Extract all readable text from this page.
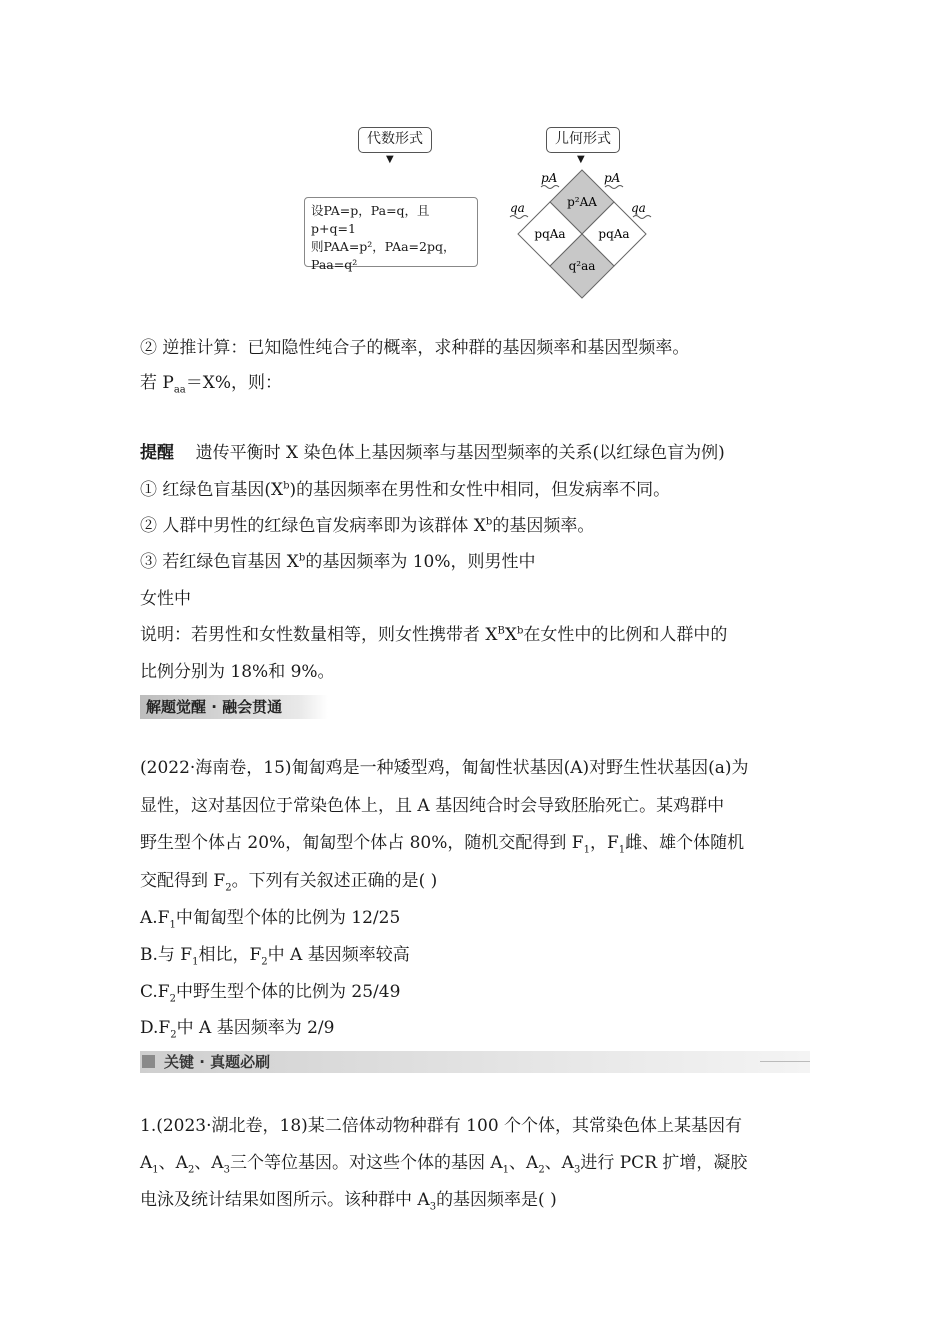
代数形式
▼
儿何形式
▼
设PA=p，Pa=q，且p+q=1
则PAA=p²，PAa=2pq，
Paa=q²
pA	pA
qa	qa
p²AA
pqAa	pqAa
q²aa
② 逆推计算：已知隐性纯合子的概率，求种群的基因频率和基因型频率。
若 $P_{aa}=X\%$，则：
提醒 遗传平衡时 X 染色体上基因频率与基因型频率的关系(以红绿色盲为例)
① 红绿色盲基因$(X^b)$的基因频率在男性和女性中相同，但发病率不同。
② 人群中男性的红绿色盲发病率即为该群体 $X^b$的基因频率。
③ 若红绿色盲基因 $X^b$的基因频率为 10%，则男性中
女性中
说明：若男性和女性数量相等，则女性携带者 $X^BX^b$在女性中的比例和人群中的
比例分别为 18%和 9%。
解题觉醒 · 融会贯通
(2022·海南卷，15)匍匐鸡是一种矮型鸡，匍匐性状基因(A)对野生性状基因(a)为
显性，这对基因位于常染色体上，且 A 基因纯合时会导致胚胎死亡。某鸡群中
野生型个体占 20%，匍匐型个体占 80%，随机交配得到 $F_1$，$F_1$雌、雄个体随机
交配得到 $F_2$。下列有关叙述正确的是( )
$A.F_1$中匍匐型个体的比例为 12/25
B.与 $F_1$相比，$F_2$中 A 基因频率较高
$C.F_2$中野生型个体的比例为 25/49
$D.F_2$中 A 基因频率为 2/9
关键 · 真题必刷
1.(2023·湖北卷，18)某二倍体动物种群有 100 个个体，其常染色体上某基因有
$A_1$、$A_2$、$A_3$三个等位基因。对这些个体的基因 $A_1$、$A_2$、$A_3$进行 PCR 扩增，凝胶
电泳及统计结果如图所示。该种群中 $A_3$的基因频率是( )
